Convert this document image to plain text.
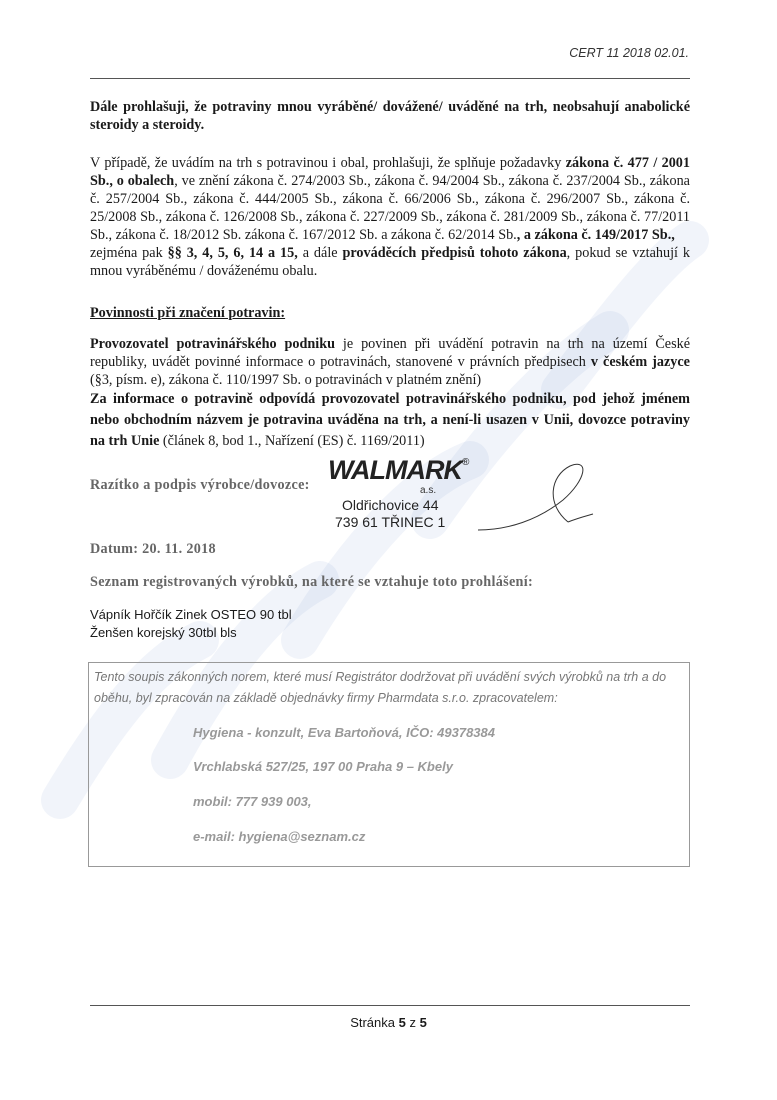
CERT 11 2018 02.01.
Dále prohlašuji, že potraviny mnou vyráběné/ dovážené/ uváděné na trh, neobsahují anabolické steroidy a steroidy.
V případě, že uvádím na trh s potravinou i obal, prohlašuji, že splňuje požadavky zákona č. 477 / 2001 Sb., o obalech, ve znění zákona č. 274/2003 Sb., zákona č. 94/2004 Sb., zákona č. 237/2004 Sb., zákona č. 257/2004 Sb., zákona č. 444/2005 Sb., zákona č. 66/2006 Sb., zákona č. 296/2007 Sb., zákona č. 25/2008 Sb., zákona č. 126/2008 Sb., zákona č. 227/2009 Sb., zákona č. 281/2009 Sb., zákona č. 77/2011 Sb., zákona č. 18/2012 Sb. zákona č. 167/2012 Sb. a zákona č. 62/2014 Sb., a zákona č. 149/2017 Sb.,
zejména pak §§ 3, 4, 5, 6, 14 a 15, a dále prováděcích předpisů tohoto zákona, pokud se vztahují k mnou vyráběnému / dováženému obalu.
Povinnosti při značení potravin:
Provozovatel potravinářského podniku je povinen při uvádění potravin na trh na území České republiky, uvádět povinné informace o potravinách, stanovené v právních předpisech v českém jazyce (§3, písm. e), zákona č. 110/1997 Sb. o potravinách v platném znění)
Za informace o potravině odpovídá provozovatel potravinářského podniku, pod jehož jménem nebo obchodním názvem je potravina uváděna na trh, a není-li usazen v Unii, dovozce potraviny na trh Unie (článek 8, bod 1., Nařízení (ES) č. 1169/2011)
Razítko a podpis výrobce/dovozce: WALMARK®
a.s.
Oldřichovice 44
739 61 TŘINEC 1
Datum: 20. 11. 2018
Seznam registrovaných výrobků, na které se vztahuje toto prohlášení:
Vápník Hořčík Zinek OSTEO 90 tbl
Ženšen korejský 30tbl bls
Tento soupis zákonných norem, které musí Registrátor dodržovat při uvádění svých výrobků na trh a do oběhu, byl zpracován na základě objednávky firmy Pharmdata s.r.o. zpracovatelem:
Hygiena - konzult, Eva Bartoňová, IČO: 49378384
Vrchlabská 527/25, 197 00 Praha 9 – Kbely
mobil: 777 939 003,
e-mail: hygiena@seznam.cz
Stránka 5 z 5
